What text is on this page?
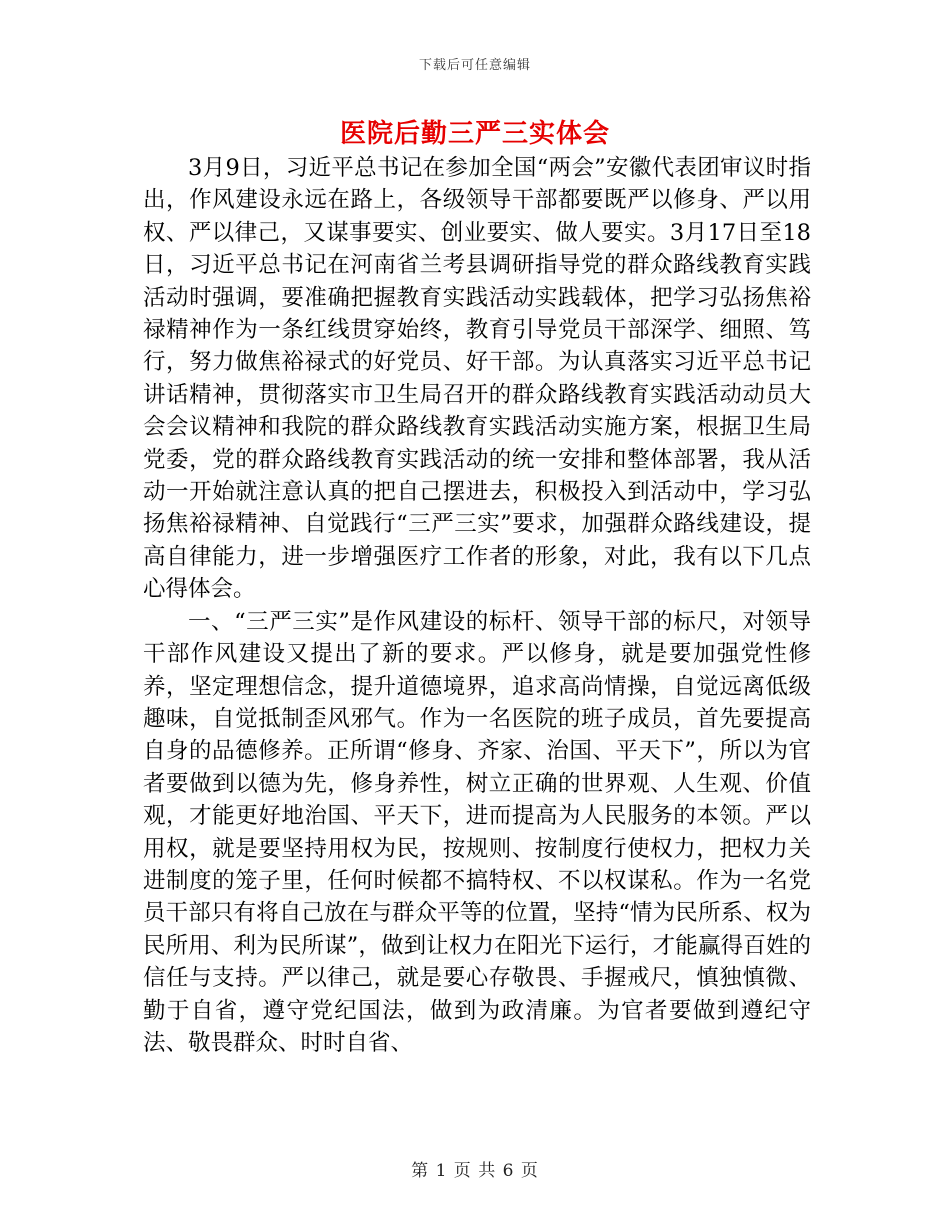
下载后可任意编辑
医院后勤三严三实体会

3月9日，习近平总书记在参加全国“两会”安徽代表团审议时指出，作风建设永远在路上，各级领导干部都要既严以修身、严以用权、严以律己，又谋事要实、创业要实、做人要实。3月17日至18日，习近平总书记在河南省兰考县调研指导党的群众路线教育实践活动时强调，要准确把握教育实践活动实践载体，把学习弘扬焦裕禄精神作为一条红线贯穿始终，教育引导党员干部深学、细照、笃行，努力做焦裕禄式的好党员、好干部。为认真落实习近平总书记讲话精神，贯彻落实市卫生局召开的群众路线教育实践活动动员大会会议精神和我院的群众路线教育实践活动实施方案，根据卫生局党委，党的群众路线教育实践活动的统一安排和整体部署，我从活动一开始就注意认真的把自己摆进去，积极投入到活动中，学习弘扬焦裕禄精神、自觉践行“三严三实”要求，加强群众路线建设，提高自律能力，进一步增强医疗工作者的形象，对此，我有以下几点心得体会。

一、“三严三实”是作风建设的标杆、领导干部的标尺，对领导干部作风建设又提出了新的要求。严以修身，就是要加强党性修养，坚定理想信念，提升道德境界，追求高尚情操，自觉远离低级趣味，自觉抵制歪风邪气。作为一名医院的班子成员，首先要提高自身的品德修养。正所谓“修身、齐家、治国、平天下”，所以为官者要做到以德为先，修身养性，树立正确的世界观、人生观、价值观，才能更好地治国、平天下，进而提高为人民服务的本领。严以用权，就是要坚持用权为民，按规则、按制度行使权力，把权力关进制度的笼子里，任何时候都不搞特权、不以权谋私。作为一名党员干部只有将自己放在与群众平等的位置，坚持“情为民所系、权为民所用、利为民所谋”，做到让权力在阳光下运行，才能赢得百姓的信任与支持。严以律己，就是要心存敬畏、手握戒尺，慎独慎微、勤于自省，遵守党纪国法，做到为政清廉。为官者要做到遵纪守法、敬畏群众、时时自省、

第 1 页 共 6 页
